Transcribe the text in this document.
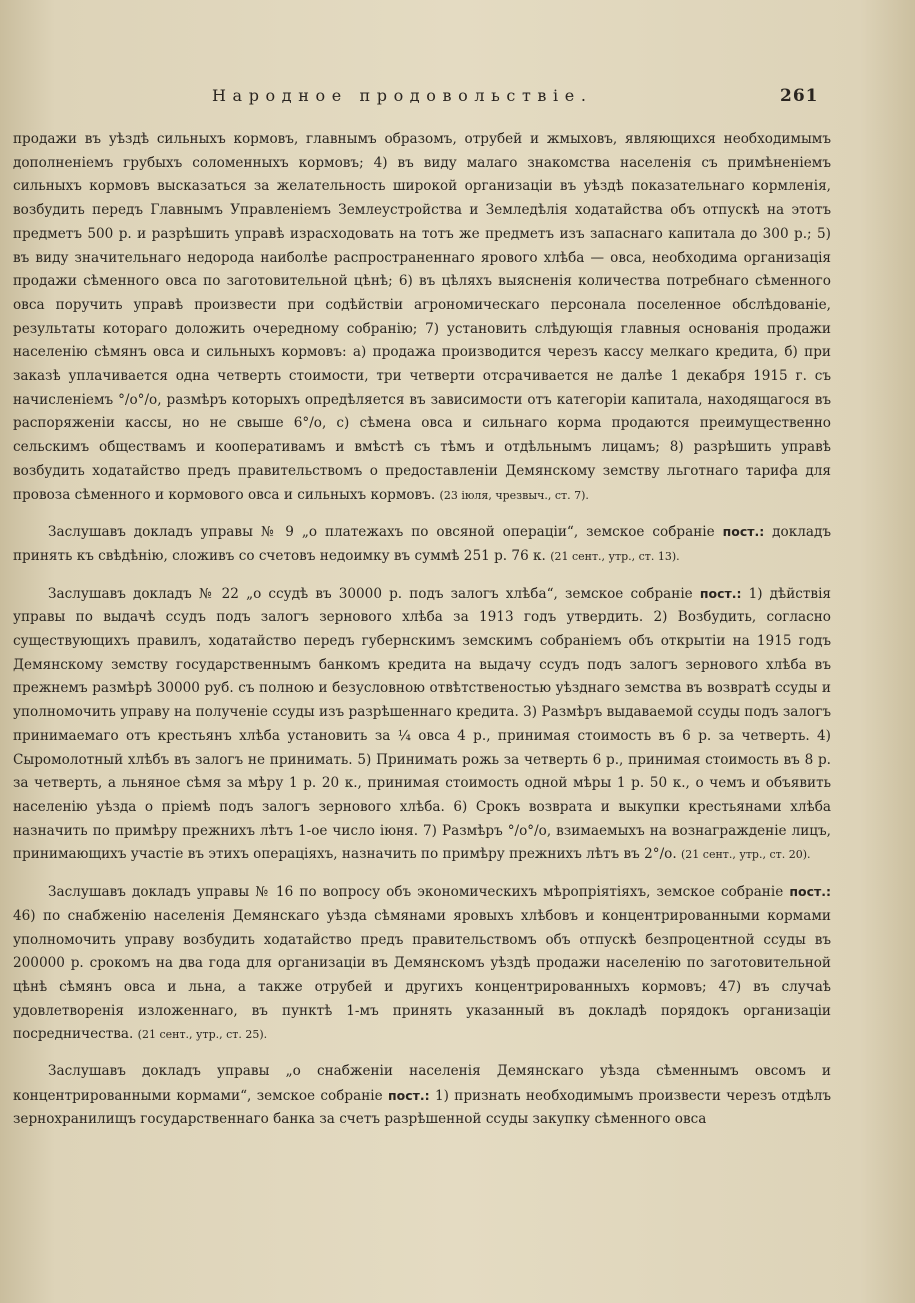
Народное продовольствіе.	261

продажи въ уѣздѣ сильныхъ кормовъ, главнымъ образомъ, отрубей и жмыховъ, являющихся необходимымъ дополненіемъ грубыхъ соломенныхъ кормовъ; 4) въ виду малаго знакомства населенія съ примѣненіемъ сильныхъ кормовъ высказаться за желательность широкой организаціи въ уѣздѣ показательнаго кормленія, возбудить передъ Главнымъ Управленіемъ Землеустройства и Земледѣлія ходатайства объ отпускѣ на этотъ предметъ 500 р. и разрѣшить управѣ израсходовать на тотъ же предметъ изъ запаснаго капитала до 300 р.; 5) въ виду значительнаго недорода наиболѣе распространеннаго ярового хлѣба — овса, необходима организація продажи сѣменного овса по заготовительной цѣнѣ; 6) въ цѣляхъ выясненія количества потребнаго сѣменного овса поручить управѣ произвести при содѣйствіи агрономическаго персонала поселенное обслѣдованіе, результаты котораго доложить очередному собранію; 7) установить слѣдующія главныя основанія продажи населенію сѣмянъ овса и сильныхъ кормовъ: а) продажа производится черезъ кассу мелкаго кредита, б) при заказѣ уплачивается одна четверть стоимости, три четверти отсрачивается не далѣе 1 декабря 1915 г. съ начисленіемъ °/о°/о, размѣръ которыхъ опредѣляется въ зависимости отъ категоріи капитала, находящагося въ распоряженіи кассы, но не свыше 6°/о, с) сѣмена овса и сильнаго корма продаются преимущественно сельскимъ обществамъ и кооперативамъ и вмѣстѣ съ тѣмъ и отдѣльнымъ лицамъ; 8) разрѣшить управѣ возбудить ходатайство предъ правительствомъ о предоставленіи Демянскому земству льготнаго тарифа для провоза сѣменного и кормового овса и сильныхъ кормовъ. (23 іюля, чрезвыч., ст. 7).

Заслушавъ докладъ управы № 9 „о платежахъ по овсяной операціи“, земское собраніе пост.: докладъ принять къ свѣдѣнію, сложивъ со счетовъ недоимку въ суммѣ 251 р. 76 к. (21 сент., утр., ст. 13).

Заслушавъ докладъ № 22 „о ссудѣ въ 30000 р. подъ залогъ хлѣба“, земское собраніе пост.: 1) дѣйствія управы по выдачѣ ссудъ подъ залогъ зернового хлѣба за 1913 годъ утвердить. 2) Возбудить, согласно существующихъ правилъ, ходатайство передъ губернскимъ земскимъ собраніемъ объ открытіи на 1915 годъ Демянскому земству государственнымъ банкомъ кредита на выдачу ссудъ подъ залогъ зернового хлѣба въ прежнемъ размѣрѣ 30000 руб. съ полною и безусловною отвѣтственостью уѣзднаго земства въ возвратѣ ссуды и уполномочить управу на полученіе ссуды изъ разрѣшеннаго кредита. 3) Размѣръ выдаваемой ссуды подъ залогъ принимаемаго отъ крестьянъ хлѣба установить за ¼ овса 4 р., принимая стоимость въ 6 р. за четверть. 4) Сыромолотный хлѣбъ въ залогъ не принимать. 5) Принимать рожь за четверть 6 р., принимая стоимость въ 8 р. за четверть, а льняное сѣмя за мѣру 1 р. 20 к., принимая стоимость одной мѣры 1 р. 50 к., о чемъ и объявить населенію уѣзда о пріемѣ подъ залогъ зернового хлѣба. 6) Срокъ возврата и выкупки крестьянами хлѣба назначить по примѣру прежнихъ лѣтъ 1-ое число іюня. 7) Размѣръ °/о°/о, взимаемыхъ на вознагражденіе лицъ, принимающихъ участіе въ этихъ операціяхъ, назначить по примѣру прежнихъ лѣтъ въ 2°/о. (21 сент., утр., ст. 20).

Заслушавъ докладъ управы № 16 по вопросу объ экономическихъ мѣропріятіяхъ, земское собраніе пост.: 46) по снабженію населенія Демянскаго уѣзда сѣмянами яровыхъ хлѣбовъ и концентрированными кормами уполномочить управу возбудить ходатайство предъ правительствомъ объ отпускѣ безпроцентной ссуды въ 200000 р. срокомъ на два года для организаціи въ Демянскомъ уѣздѣ продажи населенію по заготовительной цѣнѣ сѣмянъ овса и льна, а также отрубей и другихъ концентрированныхъ кормовъ; 47) въ случаѣ удовлетворенія изложеннаго, въ пунктѣ 1-мъ принять указанный въ докладѣ порядокъ организаціи посредничества. (21 сент., утр., ст. 25).

Заслушавъ докладъ управы „о снабженіи населенія Демянскаго уѣзда сѣменнымъ овсомъ и концентрированными кормами“, земское собраніе пост.: 1) признать необходимымъ произвести черезъ отдѣлъ зернохранилищъ государственнаго банка за счетъ разрѣшенной ссуды закупку сѣменного овса
